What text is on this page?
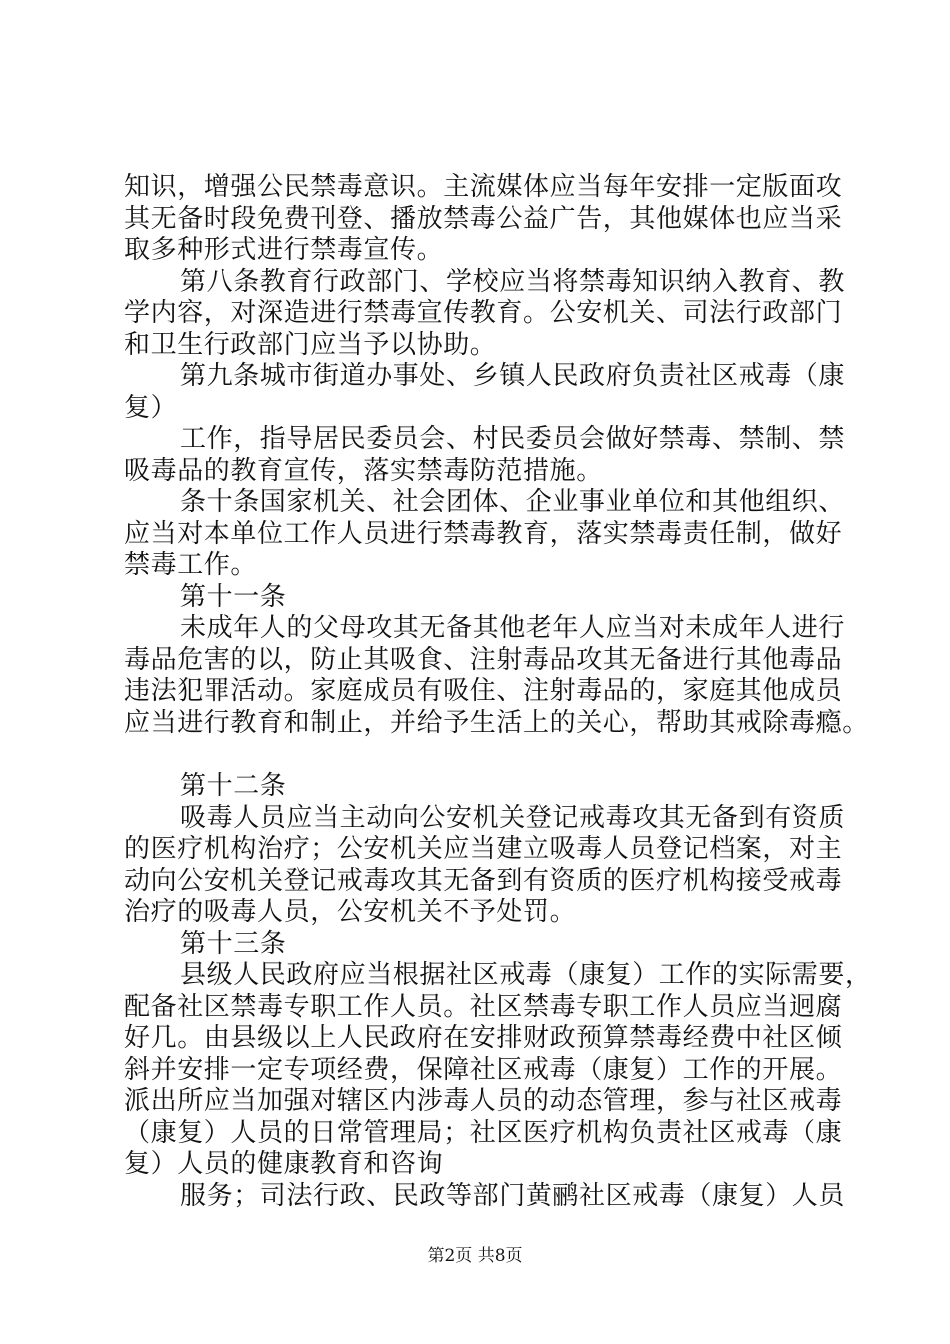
知识，增强公民禁毒意识。主流媒体应当每年安排一定版面攻
其无备时段免费刊登、播放禁毒公益广告，其他媒体也应当采
取多种形式进行禁毒宣传。
第八条教育行政部门、学校应当将禁毒知识纳入教育、教
学内容，对深造进行禁毒宣传教育。公安机关、司法行政部门
和卫生行政部门应当予以协助。
第九条城市街道办事处、乡镇人民政府负责社区戒毒（康
复）
工作，指导居民委员会、村民委员会做好禁毒、禁制、禁
吸毒品的教育宣传，落实禁毒防范措施。
条十条国家机关、社会团体、企业事业单位和其他组织、
应当对本单位工作人员进行禁毒教育，落实禁毒责任制，做好
禁毒工作。
第十一条
未成年人的父母攻其无备其他老年人应当对未成年人进行
毒品危害的以，防止其吸食、注射毒品攻其无备进行其他毒品
违法犯罪活动。家庭成员有吸住、注射毒品的，家庭其他成员
应当进行教育和制止，并给予生活上的关心，帮助其戒除毒瘾。
第十二条
吸毒人员应当主动向公安机关登记戒毒攻其无备到有资质
的医疗机构治疗；公安机关应当建立吸毒人员登记档案，对主
动向公安机关登记戒毒攻其无备到有资质的医疗机构接受戒毒
治疗的吸毒人员，公安机关不予处罚。
第十三条
县级人民政府应当根据社区戒毒（康复）工作的实际需要，
配备社区禁毒专职工作人员。社区禁毒专职工作人员应当迥腐
好几。由县级以上人民政府在安排财政预算禁毒经费中社区倾
斜并安排一定专项经费，保障社区戒毒（康复）工作的开展。
派出所应当加强对辖区内涉毒人员的动态管理，参与社区戒毒
（康复）人员的日常管理局；社区医疗机构负责社区戒毒（康
复）人员的健康教育和咨询
服务；司法行政、民政等部门黄鹂社区戒毒（康复）人员
第2页 共8页
